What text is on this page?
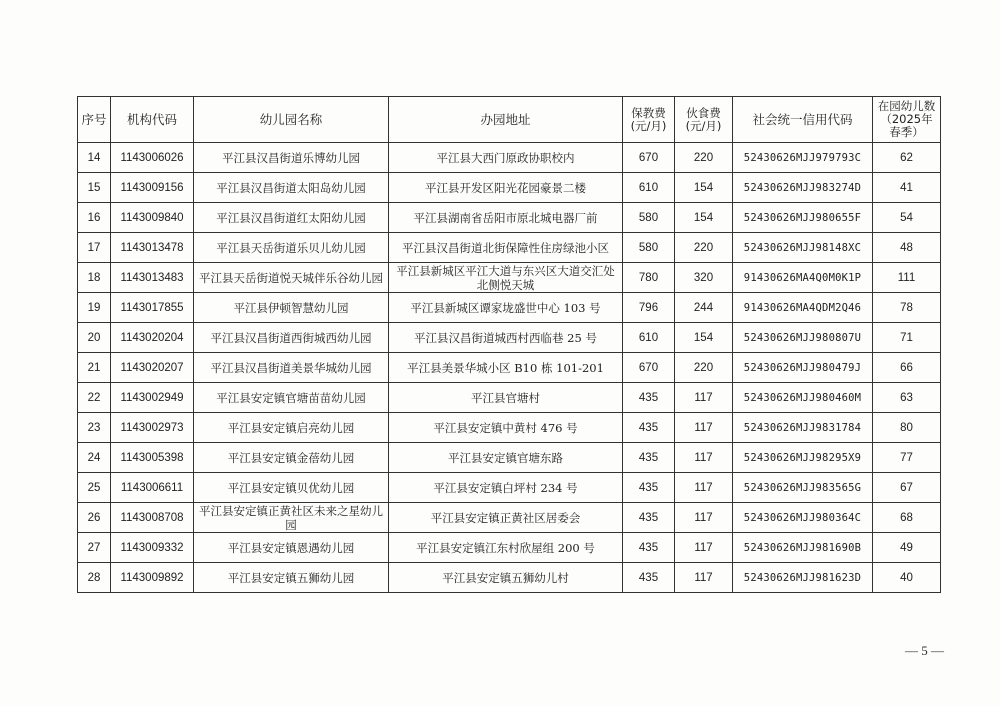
序号	机构代码	幼儿园名称	办园地址	保教费(元/月)	伙食费(元/月)	社会统一信用代码	在园幼儿数（2025年春季）
14	1143006026	平江县汉昌街道乐博幼儿园	平江县大西门原政协职校内	670	220	52430626MJJ979793C	62
15	1143009156	平江县汉昌街道太阳岛幼儿园	平江县开发区阳光花园豪景二楼	610	154	52430626MJJ983274D	41
16	1143009840	平江县汉昌街道红太阳幼儿园	平江县湖南省岳阳市原北城电器厂前	580	154	52430626MJJ980655F	54
17	1143013478	平江县天岳街道乐贝儿幼儿园	平江县汉昌街道北街保障性住房绿池小区	580	220	52430626MJJ98148XC	48
18	1143013483	平江县天岳街道悦天城伴乐谷幼儿园	平江县新城区平江大道与东兴区大道交汇处北侧悦天城	780	320	91430626MA4Q0M0K1P	111
19	1143017855	平江县伊顿智慧幼儿园	平江县新城区谭家垅盛世中心 103 号	796	244	91430626MA4QDM2Q46	78
20	1143020204	平江县汉昌街道西街城西幼儿园	平江县汉昌街道城西村西临巷 25 号	610	154	52430626MJJ980807U	71
21	1143020207	平江县汉昌街道美景华城幼儿园	平江县美景华城小区 B10 栋 101-201	670	220	52430626MJJ980479J	66
22	1143002949	平江县安定镇官塘苗苗幼儿园	平江县官塘村	435	117	52430626MJJ980460M	63
23	1143002973	平江县安定镇启亮幼儿园	平江县安定镇中黄村 476 号	435	117	52430626MJJ9831784	80
24	1143005398	平江县安定镇金蓓幼儿园	平江县安定镇官塘东路	435	117	52430626MJJ98295X9	77
25	1143006611	平江县安定镇贝优幼儿园	平江县安定镇白坪村 234 号	435	117	52430626MJJ983565G	67
26	1143008708	平江县安定镇正黄社区未来之星幼儿园	平江县安定镇正黄社区居委会	435	117	52430626MJJ980364C	68
27	1143009332	平江县安定镇恩遇幼儿园	平江县安定镇江东村欣屋组 200 号	435	117	52430626MJJ981690B	49
28	1143009892	平江县安定镇五狮幼儿园	平江县安定镇五狮幼儿村	435	117	52430626MJJ981623D	40
— 5 —
